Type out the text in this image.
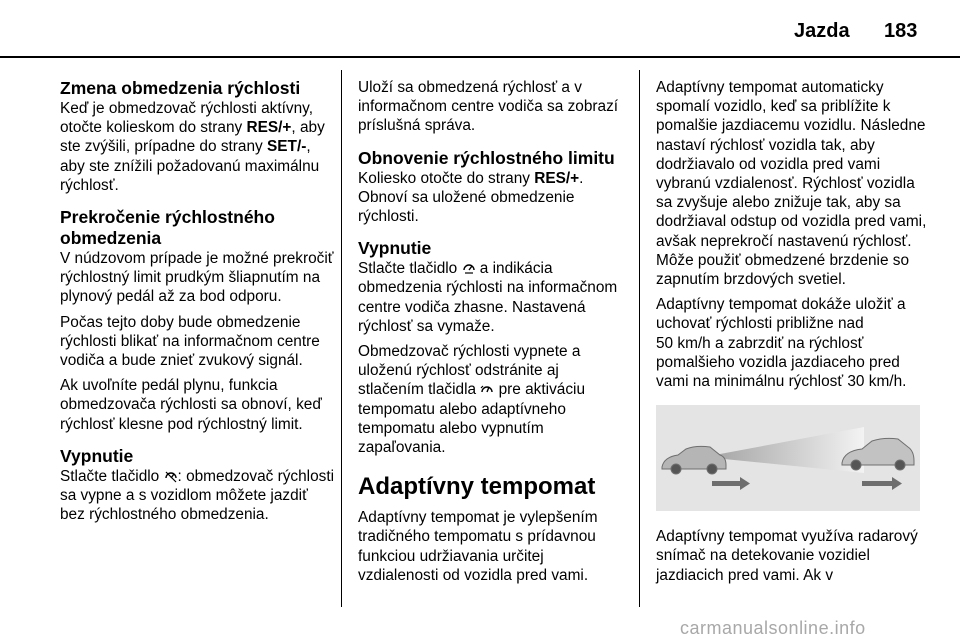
Jazda 183
Zmena obmedzenia rýchlosti

Keď je obmedzovač rýchlosti aktívny, otočte kolieskom do strany RES/+, aby ste zvýšili, prípadne do strany SET/-, aby ste znížili požadovanú maximálnu rýchlosť.

Prekročenie rýchlostného obmedzenia

V núdzovom prípade je možné prekročiť rýchlostný limit prudkým šliapnutím na plynový pedál až za bod odporu.

Počas tejto doby bude obmedzenie rýchlosti blikať na informačnom centre vodiča a bude znieť zvukový signál.

Ak uvoľníte pedál plynu, funkcia obmedzovača rýchlosti sa obnoví, keď rýchlosť klesne pod rýchlostný limit.

Vypnutie

Stlačte tlačidlo : obmedzovač rýchlosti sa vypne a s vozidlom môžete jazdiť bez rýchlostného obmedzenia.

Uloží sa obmedzená rýchlosť a v informačnom centre vodiča sa zobrazí príslušná správa.

Obnovenie rýchlostného limitu

Koliesko otočte do strany RES/+. Obnoví sa uložené obmedzenie rýchlosti.

Vypnutie

Stlačte tlačidlo  a indikácia obmedzenia rýchlosti na informačnom centre vodiča zhasne. Nastavená rýchlosť sa vymaže.

Obmedzovač rýchlosti vypnete a uloženú rýchlosť odstránite aj stlačením tlačidla  pre aktiváciu tempomatu alebo adaptívneho tempomatu alebo vypnutím zapaľovania.

Adaptívny tempomat

Adaptívny tempomat je vylepšením tradičného tempomatu s prídavnou funkciou udržiavania určitej vzdialenosti od vozidla pred vami.

Adaptívny tempomat automaticky spomalí vozidlo, keď sa priblížite k pomalšie jazdiacemu vozidlu. Následne nastaví rýchlosť vozidla tak, aby dodržiavalo od vozidla pred vami vybranú vzdialenosť. Rýchlosť vozidla sa zvyšuje alebo znižuje tak, aby sa dodržiaval odstup od vozidla pred vami, avšak neprekročí nastavenú rýchlosť. Môže použiť obmedzené brzdenie so zapnutím brzdových svetiel.

Adaptívny tempomat dokáže uložiť a uchovať rýchlosti približne nad
50 km/h a zabrzdiť na rýchlosť pomalšieho vozidla jazdiaceho pred vami na minimálnu rýchlosť 30 km/h.

Adaptívny tempomat využíva radarový snímač na detekovanie vozidiel jazdiacich pred vami. Ak v

carmanualsonline.info
